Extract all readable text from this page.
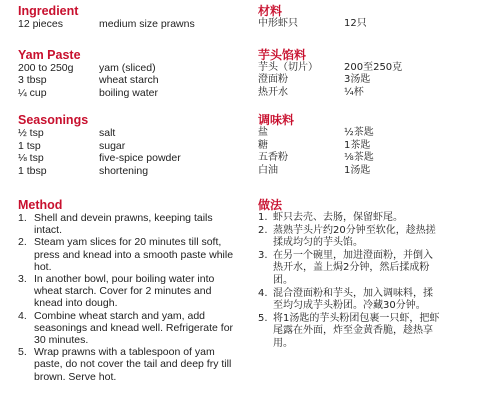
Ingredient
12 pieces	medium size prawns
Yam Paste
200 to 250g	yam (sliced)
3 tbsp	wheat starch
¼ cup	boiling water
Seasonings
½ tsp	salt
1 tsp	sugar
⅛ tsp	five-spice powder
1 tbsp	shortening
Method
1. Shell and devein prawns, keeping tails
intact.
2. Steam yam slices for 20 minutes till soft,
press and knead into a smooth paste while
hot.
3. In another bowl, pour boiling water into
wheat starch. Cover for 2 minutes and
knead into dough.
4. Combine wheat starch and yam, add
seasonings and knead well. Refrigerate for
30 minutes.
5. Wrap prawns with a tablespoon of yam
paste, do not cover the tail and deep fry till
brown. Serve hot.
材料
中形虾只	12只
芋头馅料
芋头（切片）	200至250克
澄面粉	3汤匙
热开水	¼杯
调味料
盐	½茶匙
糖	1茶匙
五香粉	⅛茶匙
白油	1汤匙
做法
1. 虾只去壳、去肠，保留虾尾。
2. 蒸熟芋头片约20分钟至软化，趁热搓
揉成均匀的芋头馅。
3. 在另一个碗里，加进澄面粉，并倒入
热开水，盖上焗2分钟，然后揉成粉
团。
4. 混合澄面粉和芋头，加入调味料，揉
至均匀成芋头粉团。冷藏30分钟。
5. 将1汤匙的芋头粉团包裹一只虾，把虾
尾露在外面，炸至金黄香脆，趁热享
用。
